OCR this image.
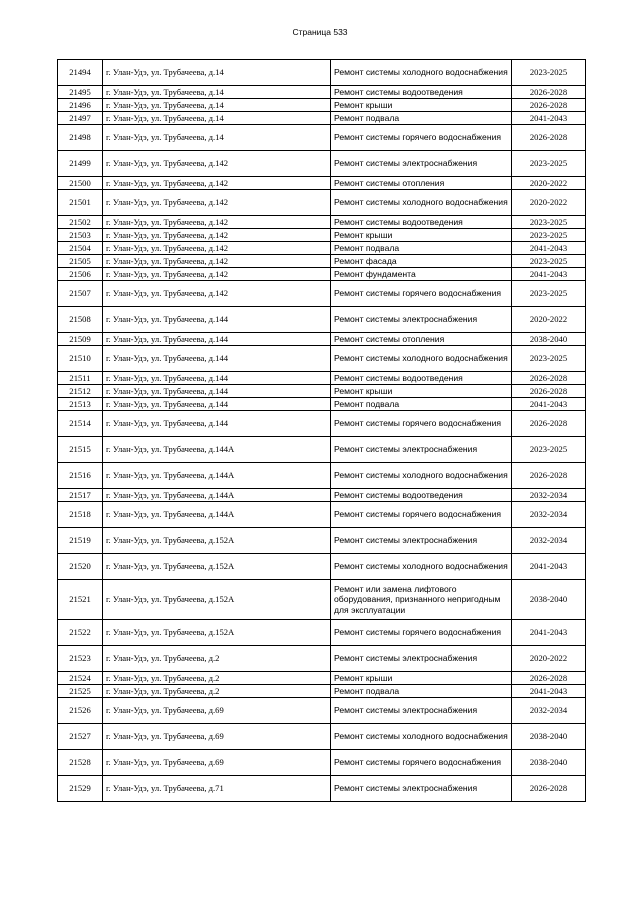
Страница 533
21494	г. Улан-Удэ, ул. Трубачеева, д.14	Ремонт системы холодного водоснабжения	2023-2025
21495	г. Улан-Удэ, ул. Трубачеева, д.14	Ремонт системы водоотведения	2026-2028
21496	г. Улан-Удэ, ул. Трубачеева, д.14	Ремонт крыши	2026-2028
21497	г. Улан-Удэ, ул. Трубачеева, д.14	Ремонт подвала	2041-2043
21498	г. Улан-Удэ, ул. Трубачеева, д.14	Ремонт системы горячего водоснабжения	2026-2028
21499	г. Улан-Удэ, ул. Трубачеева, д.142	Ремонт системы электроснабжения	2023-2025
21500	г. Улан-Удэ, ул. Трубачеева, д.142	Ремонт системы отопления	2020-2022
21501	г. Улан-Удэ, ул. Трубачеева, д.142	Ремонт системы холодного водоснабжения	2020-2022
21502	г. Улан-Удэ, ул. Трубачеева, д.142	Ремонт системы водоотведения	2023-2025
21503	г. Улан-Удэ, ул. Трубачеева, д.142	Ремонт крыши	2023-2025
21504	г. Улан-Удэ, ул. Трубачеева, д.142	Ремонт подвала	2041-2043
21505	г. Улан-Удэ, ул. Трубачеева, д.142	Ремонт фасада	2023-2025
21506	г. Улан-Удэ, ул. Трубачеева, д.142	Ремонт фундамента	2041-2043
21507	г. Улан-Удэ, ул. Трубачеева, д.142	Ремонт системы горячего водоснабжения	2023-2025
21508	г. Улан-Удэ, ул. Трубачеева, д.144	Ремонт системы электроснабжения	2020-2022
21509	г. Улан-Удэ, ул. Трубачеева, д.144	Ремонт системы отопления	2038-2040
21510	г. Улан-Удэ, ул. Трубачеева, д.144	Ремонт системы холодного водоснабжения	2023-2025
21511	г. Улан-Удэ, ул. Трубачеева, д.144	Ремонт системы водоотведения	2026-2028
21512	г. Улан-Удэ, ул. Трубачеева, д.144	Ремонт крыши	2026-2028
21513	г. Улан-Удэ, ул. Трубачеева, д.144	Ремонт подвала	2041-2043
21514	г. Улан-Удэ, ул. Трубачеева, д.144	Ремонт системы горячего водоснабжения	2026-2028
21515	г. Улан-Удэ, ул. Трубачеева, д.144А	Ремонт системы электроснабжения	2023-2025
21516	г. Улан-Удэ, ул. Трубачеева, д.144А	Ремонт системы холодного водоснабжения	2026-2028
21517	г. Улан-Удэ, ул. Трубачеева, д.144А	Ремонт системы водоотведения	2032-2034
21518	г. Улан-Удэ, ул. Трубачеева, д.144А	Ремонт системы горячего водоснабжения	2032-2034
21519	г. Улан-Удэ, ул. Трубачеева, д.152А	Ремонт системы электроснабжения	2032-2034
21520	г. Улан-Удэ, ул. Трубачеева, д.152А	Ремонт системы холодного водоснабжения	2041-2043
21521	г. Улан-Удэ, ул. Трубачеева, д.152А	Ремонт или замена лифтового оборудования, признанного непригодным для эксплуатации	2038-2040
21522	г. Улан-Удэ, ул. Трубачеева, д.152А	Ремонт системы горячего водоснабжения	2041-2043
21523	г. Улан-Удэ, ул. Трубачеева, д.2	Ремонт системы электроснабжения	2020-2022
21524	г. Улан-Удэ, ул. Трубачеева, д.2	Ремонт крыши	2026-2028
21525	г. Улан-Удэ, ул. Трубачеева, д.2	Ремонт подвала	2041-2043
21526	г. Улан-Удэ, ул. Трубачеева, д.69	Ремонт системы электроснабжения	2032-2034
21527	г. Улан-Удэ, ул. Трубачеева, д.69	Ремонт системы холодного водоснабжения	2038-2040
21528	г. Улан-Удэ, ул. Трубачеева, д.69	Ремонт системы горячего водоснабжения	2038-2040
21529	г. Улан-Удэ, ул. Трубачеева, д.71	Ремонт системы электроснабжения	2026-2028
